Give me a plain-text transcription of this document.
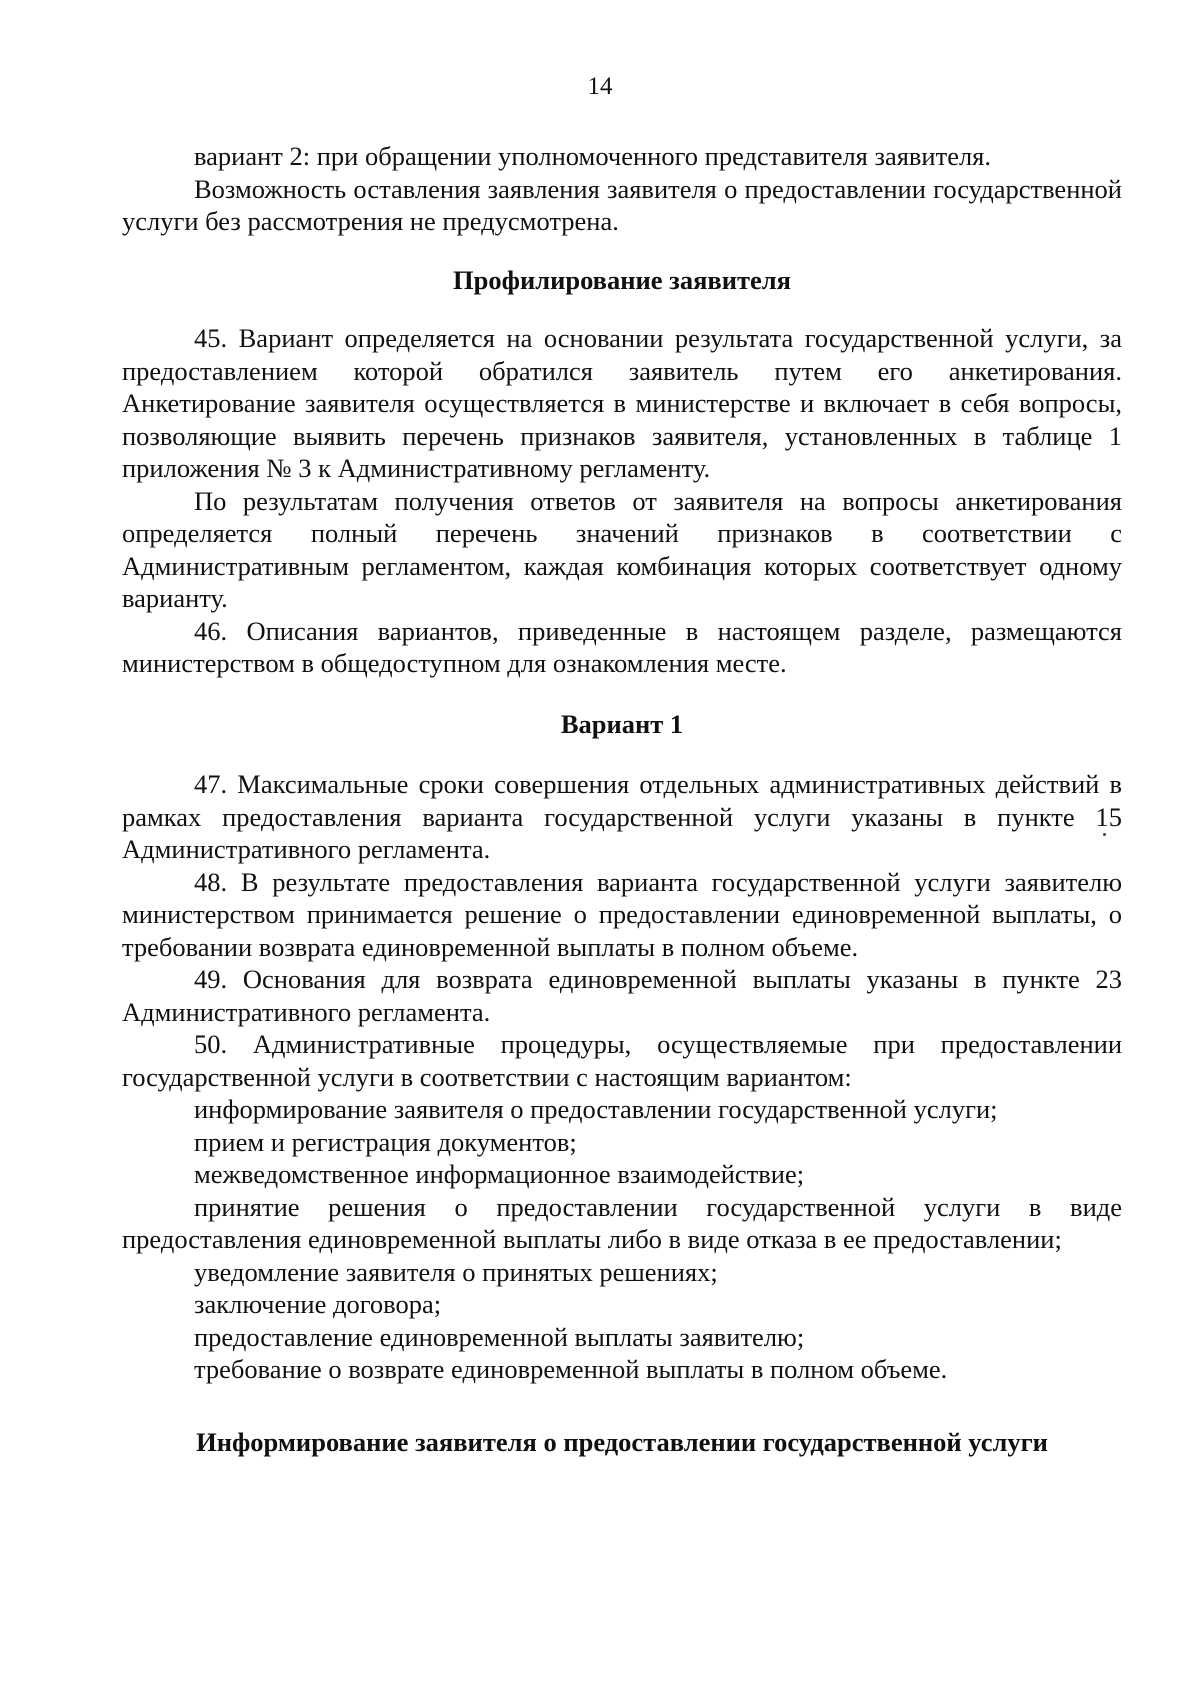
14

вариант 2: при обращении уполномоченного представителя заявителя.

Возможность оставления заявления заявителя о предоставлении государственной услуги без рассмотрения не предусмотрена.

Профилирование заявителя

45. Вариант определяется на основании результата государственной услуги, за предоставлением которой обратился заявитель путем его анкетирования. Анкетирование заявителя осуществляется в министерстве и включает в себя вопросы, позволяющие выявить перечень признаков заявителя, установленных в таблице 1 приложения № 3 к Административному регламенту.

По результатам получения ответов от заявителя на вопросы анкетирования определяется полный перечень значений признаков в соответствии с Административным регламентом, каждая комбинация которых соответствует одному варианту.

46. Описания вариантов, приведенные в настоящем разделе, размещаются министерством в общедоступном для ознакомления месте.

Вариант 1

47. Максимальные сроки совершения отдельных административных действий в рамках предоставления варианта государственной услуги указаны в пункте 15 Административного регламента.

48. В результате предоставления варианта государственной услуги заявителю министерством принимается решение о предоставлении единовременной выплаты, о требовании возврата единовременной выплаты в полном объеме.

49. Основания для возврата единовременной выплаты указаны в пункте 23 Административного регламента.

50. Административные процедуры, осуществляемые при предоставлении государственной услуги в соответствии с настоящим вариантом:

информирование заявителя о предоставлении государственной услуги;

прием и регистрация документов;

межведомственное информационное взаимодействие;

принятие решения о предоставлении государственной услуги в виде предоставления единовременной выплаты либо в виде отказа в ее предоставлении;

уведомление заявителя о принятых решениях;

заключение договора;

предоставление единовременной выплаты заявителю;

требование о возврате единовременной выплаты в полном объеме.

Информирование заявителя о предоставлении государственной услуги
